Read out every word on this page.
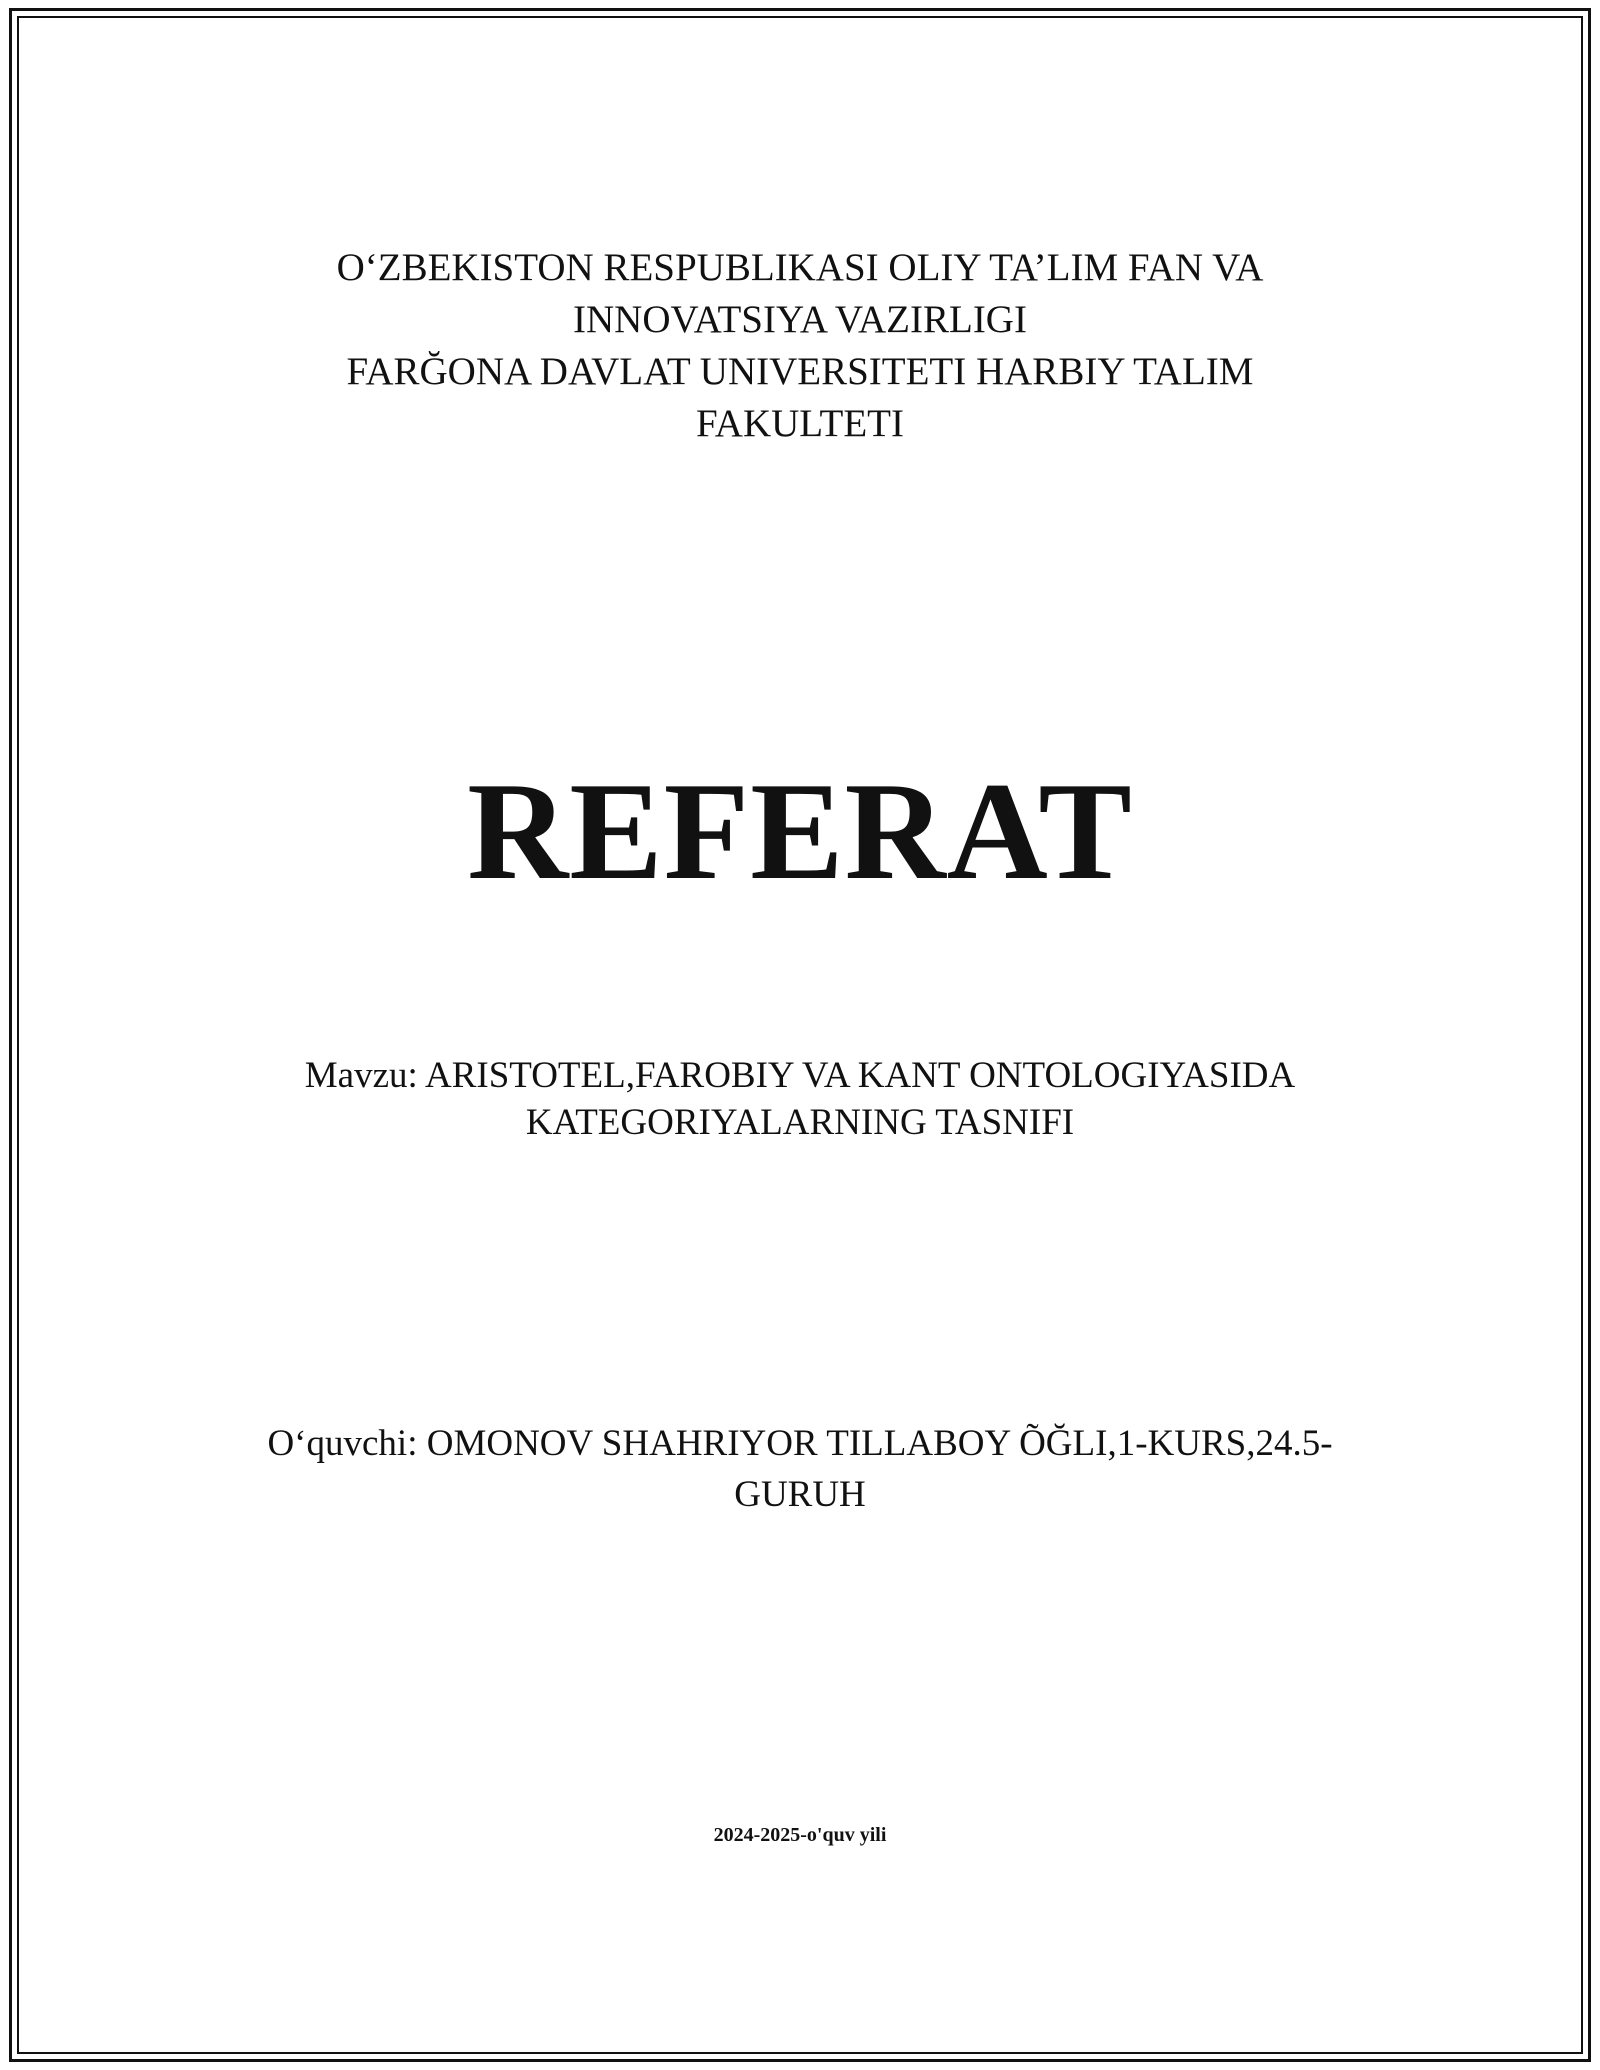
O‘ZBEKISTON RESPUBLIKASI OLIY TA’LIM FAN VA
INNOVATSIYA VAZIRLIGI
FARĞONA DAVLAT UNIVERSITETI HARBIY TALIM
FAKULTETI
REFERAT
Mavzu: ARISTOTEL,FAROBIY VA KANT ONTOLOGIYASIDA
KATEGORIYALARNING TASNIFI
O‘quvchi: OMONOV SHAHRIYOR TILLABOY ÕĞLI,1-KURS,24.5-
GURUH
2024-2025-o'quv yili
